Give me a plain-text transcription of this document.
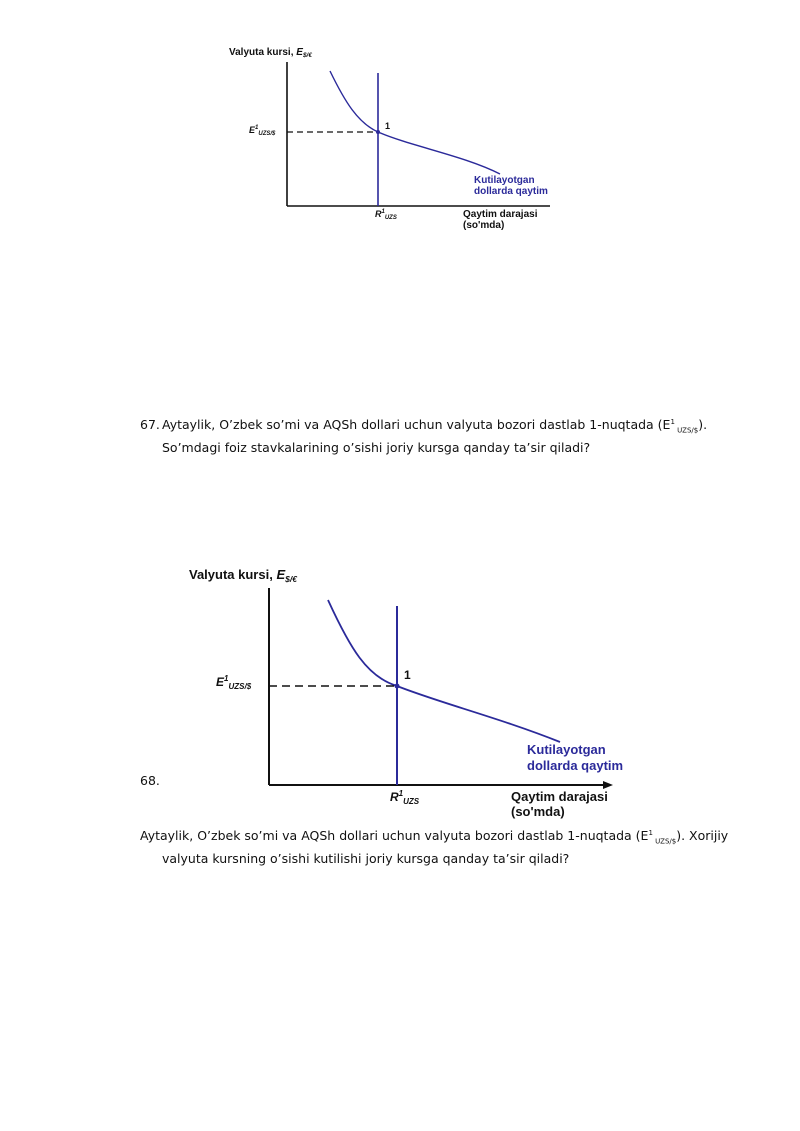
Valyuta kursi, $E_{\$/€}$
1
$E^1_{UZS/\$}$
$R^1_{UZS}$
Kutilayotgan
dollarda qaytim
Qaytim darajasi
(so'mda)
67. Aytaylik, O’zbek so’mi va AQSh dollari uchun valyuta bozori dastlab 1-nuqtada ($E^1$ $_{UZS/\$}$).
So’mdagi foiz stavkalarining o’sishi joriy kursga qanday ta’sir qiladi?
Valyuta kursi, $E_{\$/€}$
1
$E^1_{UZS/\$}$
$R^1_{UZS}$
Kutilayotgan
dollarda qaytim
Qaytim darajasi
(so'mda)
68.
Aytaylik, O’zbek so’mi va AQSh dollari uchun valyuta bozori dastlab 1-nuqtada ($E^1$ $_{UZS/\$}$). Xorijiy
valyuta kursning o’sishi kutilishi joriy kursga qanday ta’sir qiladi?
